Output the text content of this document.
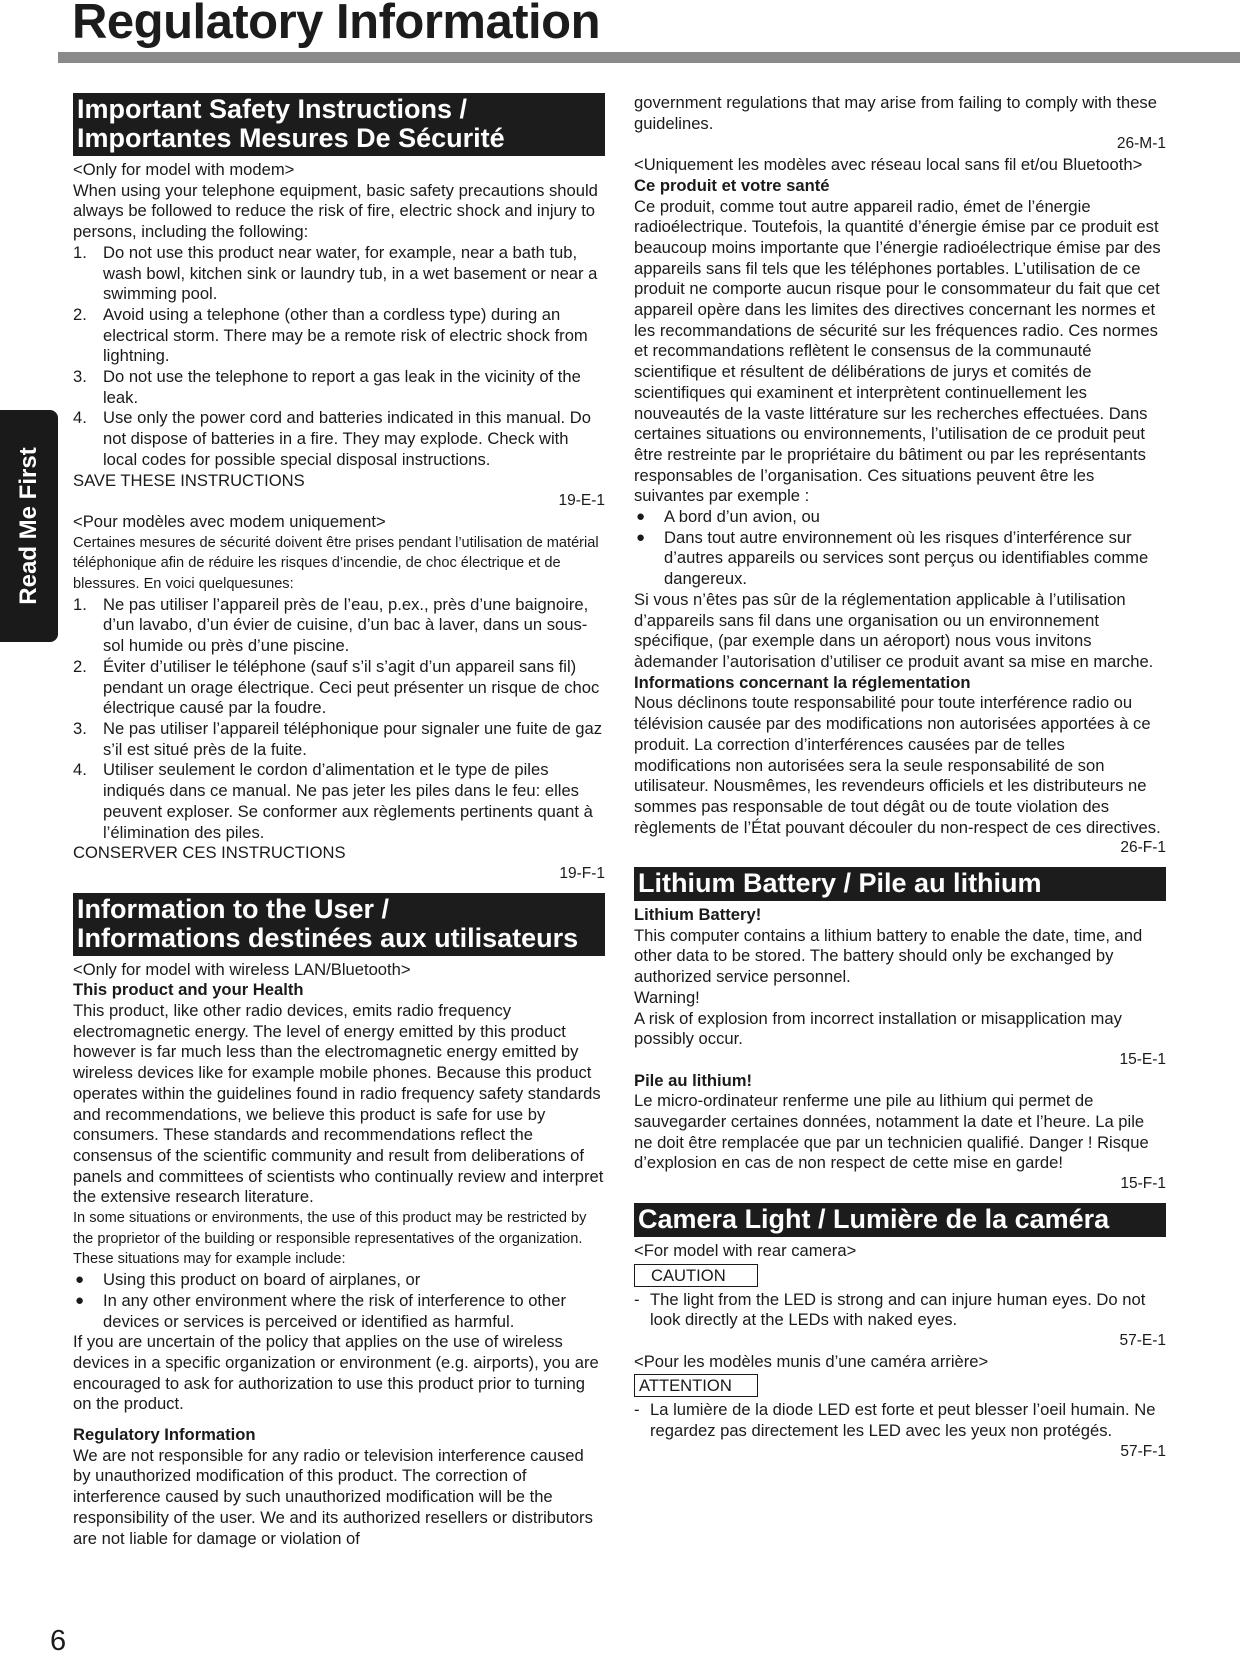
Regulatory Information
Read Me First
6
Important Safety Instructions /
Importantes Mesures De Sécurité

<Only for model with modem>

When using your telephone equipment, basic safety precautions should always be followed to reduce the risk of fire, electric shock and injury to persons, including the following:

1. Do not use this product near water, for example, near a bath tub, wash bowl, kitchen sink or laundry tub, in a wet basement or near a swimming pool.
2. Avoid using a telephone (other than a cordless type) during an electrical storm. There may be a remote risk of electric shock from lightning.
3. Do not use the telephone to report a gas leak in the vicinity of the leak.
4. Use only the power cord and batteries indicated in this manual. Do not dispose of batteries in a fire. They may explode. Check with local codes for possible special disposal instructions.

SAVE THESE INSTRUCTIONS

19-E-1

<Pour modèles avec modem uniquement>

Certaines mesures de sécurité doivent être prises pendant l’utilisation de matérial téléphonique afin de réduire les risques d’incendie, de choc électrique et de blessures. En voici quelquesunes:

1. Ne pas utiliser l’appareil près de l’eau, p.ex., près d’une baignoire, d’un lavabo, d’un évier de cuisine, d’un bac à laver, dans un sous-sol humide ou près d’une piscine.
2. Éviter d’utiliser le téléphone (sauf s’il s’agit d’un appareil sans fil) pendant un orage électrique. Ceci peut présenter un risque de choc électrique causé par la foudre.
3. Ne pas utiliser l’appareil téléphonique pour signaler une fuite de gaz s’il est situé près de la fuite.
4. Utiliser seulement le cordon d’alimentation et le type de piles indiqués dans ce manual. Ne pas jeter les piles dans le feu: elles peuvent exploser. Se conformer aux règlements pertinents quant à l’élimination des piles.

CONSERVER CES INSTRUCTIONS

19-F-1

Information to the User /
Informations destinées aux utilisateurs

<Only for model with wireless LAN/Bluetooth>

This product and your Health

This product, like other radio devices, emits radio frequency electromagnetic energy. The level of energy emitted by this product however is far much less than the electromagnetic energy emitted by wireless devices like for example mobile phones. Because this product operates within the guidelines found in radio frequency safety standards and recommendations, we believe this product is safe for use by consumers. These standards and recommendations reflect the consensus of the scientific community and result from deliberations of panels and committees of scientists who continually review and interpret the extensive research literature.

In some situations or environments, the use of this product may be restricted by the proprietor of the building or responsible representatives of the organization. These situations may for example include:

● Using this product on board of airplanes, or
● In any other environment where the risk of interference to other devices or services is perceived or identified as harmful.

If you are uncertain of the policy that applies on the use of wireless devices in a specific organization or environment (e.g. airports), you are encouraged to ask for authorization to use this product prior to turning on the product.

Regulatory Information

We are not responsible for any radio or television interference caused by unauthorized modification of this product. The correction of interference caused by such unauthorized modification will be the responsibility of the user. We and its authorized resellers or distributors are not liable for damage or violation of

government regulations that may arise from failing to comply with these guidelines.

26-M-1

<Uniquement les modèles avec réseau local sans fil et/ou Bluetooth>

Ce produit et votre santé

Ce produit, comme tout autre appareil radio, émet de l’énergie radioélectrique. Toutefois, la quantité d’énergie émise par ce produit est beaucoup moins importante que l’énergie radioélectrique émise par des appareils sans fil tels que les téléphones portables. L’utilisation de ce produit ne comporte aucun risque pour le consommateur du fait que cet appareil opère dans les limites des directives concernant les normes et les recommandations de sécurité sur les fréquences radio. Ces normes et recommandations reflètent le consensus de la communauté scientifique et résultent de délibérations de jurys et comités de scientifiques qui examinent et interprètent continuellement les nouveautés de la vaste littérature sur les recherches effectuées. Dans certaines situations ou environnements, l’utilisation de ce produit peut être restreinte par le propriétaire du bâtiment ou par les représentants responsables de l’organisation. Ces situations peuvent être les suivantes par exemple :

● A bord d’un avion, ou
● Dans tout autre environnement où les risques d’interférence sur d’autres appareils ou services sont perçus ou identifiables comme dangereux.

Si vous n’êtes pas sûr de la réglementation applicable à l’utilisation d’appareils sans fil dans une organisation ou un environnement spécifique, (par exemple dans un aéroport) nous vous invitons àdemander l’autorisation d’utiliser ce produit avant sa mise en marche.

Informations concernant la réglementation

Nous déclinons toute responsabilité pour toute interférence radio ou télévision causée par des modifications non autorisées apportées à ce produit. La correction d’interférences causées par de telles modifications non autorisées sera la seule responsabilité de son utilisateur. Nousmêmes, les revendeurs officiels et les distributeurs ne sommes pas responsable de tout dégât ou de toute violation des règlements de l’État pouvant découler du non-respect de ces directives.

26-F-1

Lithium Battery / Pile au lithium

Lithium Battery!

This computer contains a lithium battery to enable the date, time, and other data to be stored. The battery should only be exchanged by authorized service personnel.

Warning!

A risk of explosion from incorrect installation or misapplication may possibly occur.

15-E-1

Pile au lithium!

Le micro-ordinateur renferme une pile au lithium qui permet de sauvegarder certaines données, notamment la date et l’heure. La pile ne doit être remplacée que par un technicien qualifié. Danger ! Risque d’explosion en cas de non respect de cette mise en garde!

15-F-1

Camera Light / Lumière de la caméra

<For model with rear camera>

CAUTION
- The light from the LED is strong and can injure human eyes. Do not look directly at the LEDs with naked eyes.

57-E-1

<Pour les modèles munis d’une caméra arrière>

ATTENTION
- La lumière de la diode LED est forte et peut blesser l’oeil humain. Ne regardez pas directement les LED avec les yeux non protégés.

57-F-1
